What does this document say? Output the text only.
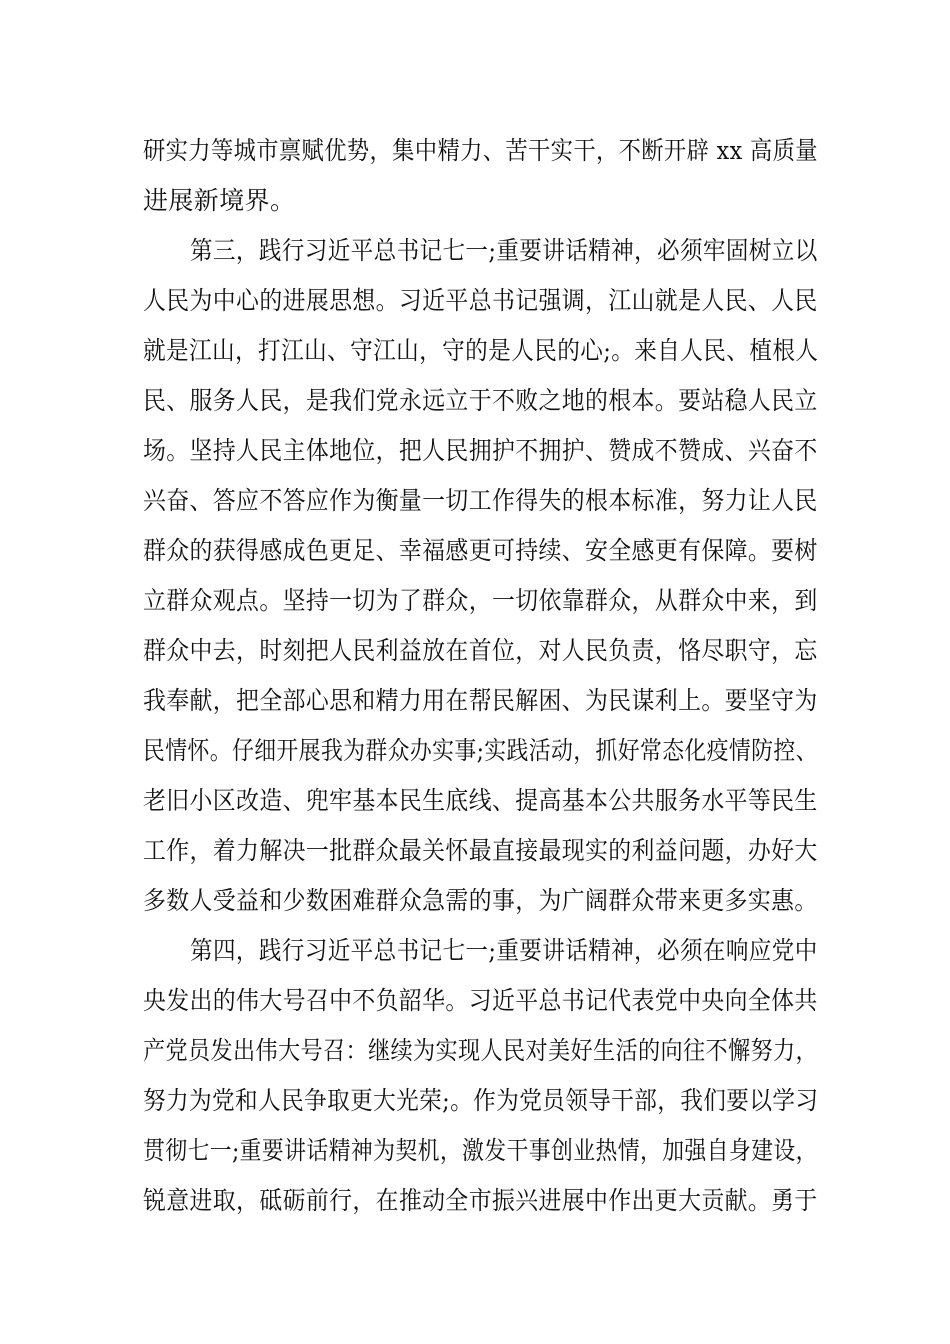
研实力等城市禀赋优势，集中精力、苦干实干，不断开辟 xx 高质量
进展新境界。
第三，践行习近平总书记七一;重要讲话精神，必须牢固树立以
人民为中心的进展思想。习近平总书记强调，江山就是人民、人民
就是江山，打江山、守江山，守的是人民的心;。来自人民、植根人
民、服务人民，是我们党永远立于不败之地的根本。要站稳人民立
场。坚持人民主体地位，把人民拥护不拥护、赞成不赞成、兴奋不
兴奋、答应不答应作为衡量一切工作得失的根本标准，努力让人民
群众的获得感成色更足、幸福感更可持续、安全感更有保障。要树
立群众观点。坚持一切为了群众，一切依靠群众，从群众中来，到
群众中去，时刻把人民利益放在首位，对人民负责，恪尽职守，忘
我奉献，把全部心思和精力用在帮民解困、为民谋利上。要坚守为
民情怀。仔细开展我为群众办实事;实践活动，抓好常态化疫情防控、
老旧小区改造、兜牢基本民生底线、提高基本公共服务水平等民生
工作，着力解决一批群众最关怀最直接最现实的利益问题，办好大
多数人受益和少数困难群众急需的事，为广阔群众带来更多实惠。
第四，践行习近平总书记七一;重要讲话精神，必须在响应党中
央发出的伟大号召中不负韶华。习近平总书记代表党中央向全体共
产党员发出伟大号召：继续为实现人民对美好生活的向往不懈努力，
努力为党和人民争取更大光荣;。作为党员领导干部，我们要以学习
贯彻七一;重要讲话精神为契机，激发干事创业热情，加强自身建设，
锐意进取，砥砺前行，在推动全市振兴进展中作出更大贡献。勇于
